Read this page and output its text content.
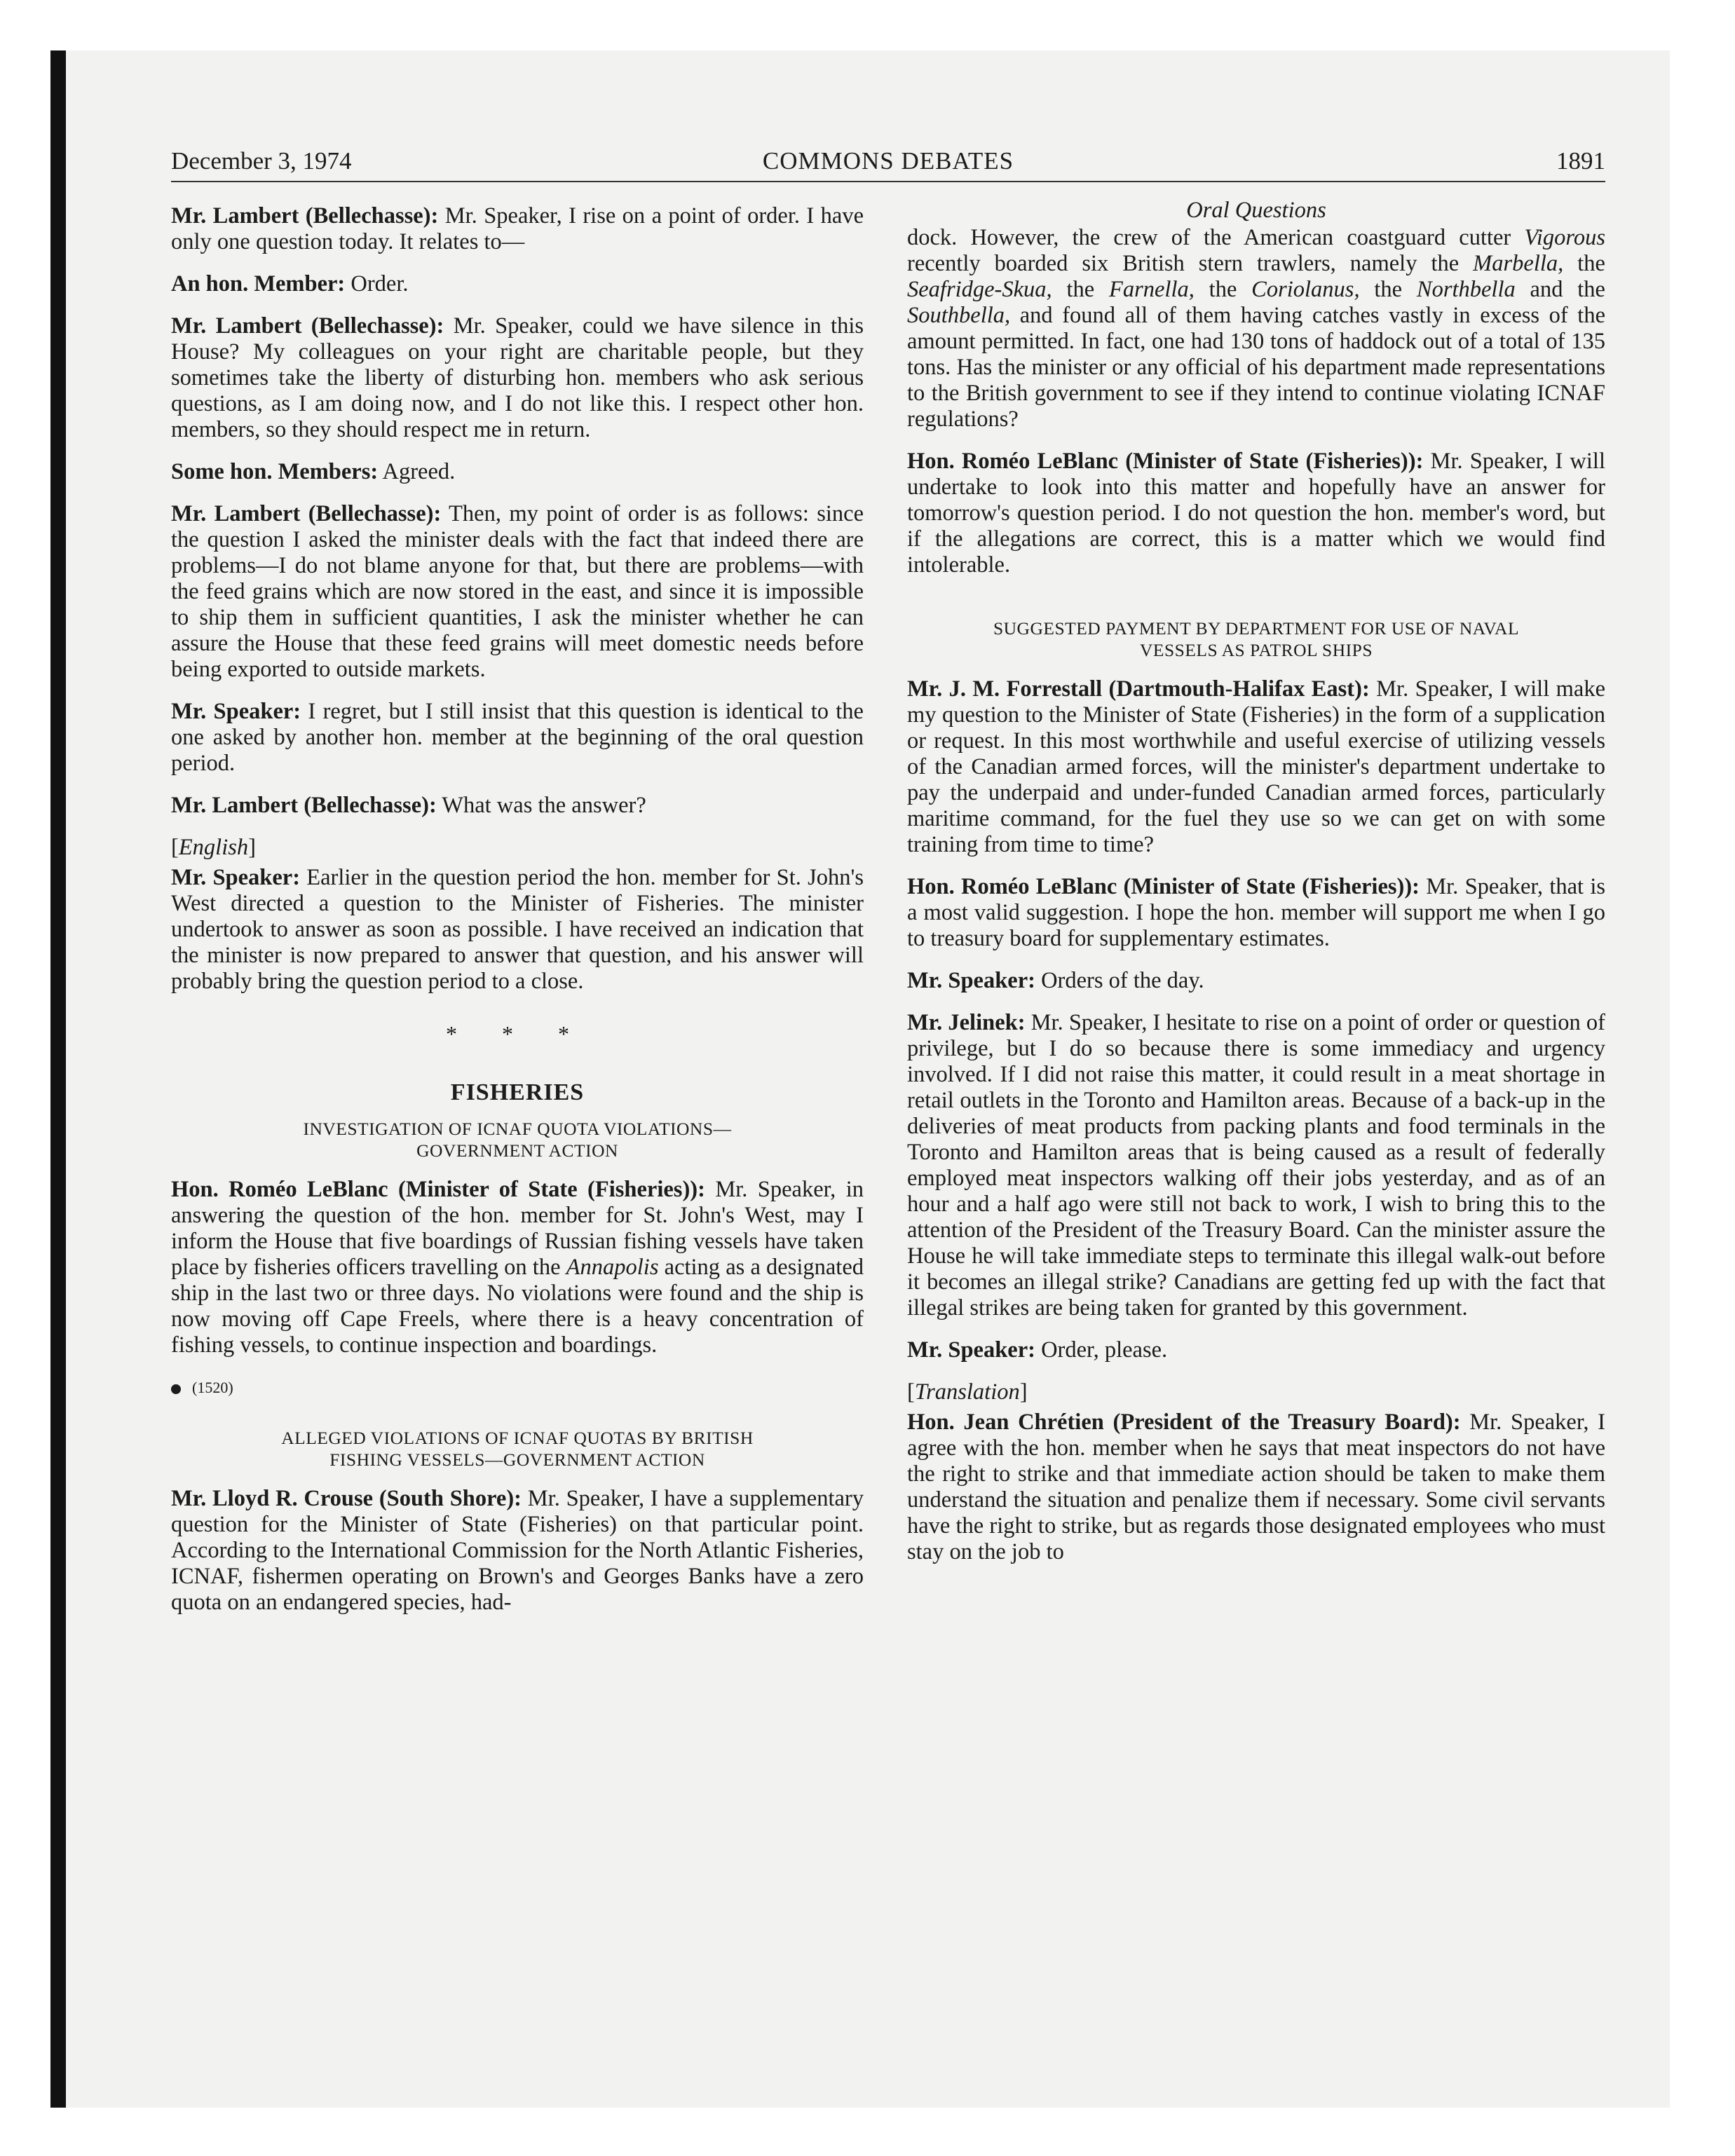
December 3, 1974	COMMONS DEBATES	1891

Mr. Lambert (Bellechasse): Mr. Speaker, I rise on a point of order. I have only one question today. It relates to—

An hon. Member: Order.

Mr. Lambert (Bellechasse): Mr. Speaker, could we have silence in this House? My colleagues on your right are charitable people, but they sometimes take the liberty of disturbing hon. members who ask serious questions, as I am doing now, and I do not like this. I respect other hon. members, so they should respect me in return.

Some hon. Members: Agreed.

Mr. Lambert (Bellechasse): Then, my point of order is as follows: since the question I asked the minister deals with the fact that indeed there are problems—I do not blame anyone for that, but there are problems—with the feed grains which are now stored in the east, and since it is impossible to ship them in sufficient quantities, I ask the minister whether he can assure the House that these feed grains will meet domestic needs before being exported to outside markets.

Mr. Speaker: I regret, but I still insist that this question is identical to the one asked by another hon. member at the beginning of the oral question period.

Mr. Lambert (Bellechasse): What was the answer?

[English]

Mr. Speaker: Earlier in the question period the hon. member for St. John's West directed a question to the Minister of Fisheries. The minister undertook to answer as soon as possible. I have received an indication that the minister is now prepared to answer that question, and his answer will probably bring the question period to a close.

* * *
FISHERIES
INVESTIGATION OF ICNAF QUOTA VIOLATIONS—
GOVERNMENT ACTION

Hon. Roméo LeBlanc (Minister of State (Fisheries)): Mr. Speaker, in answering the question of the hon. member for St. John's West, may I inform the House that five boardings of Russian fishing vessels have taken place by fisheries officers travelling on the Annapolis acting as a designated ship in the last two or three days. No violations were found and the ship is now moving off Cape Freels, where there is a heavy concentration of fishing vessels, to continue inspection and boardings.

(1520)
ALLEGED VIOLATIONS OF ICNAF QUOTAS BY BRITISH
FISHING VESSELS—GOVERNMENT ACTION

Mr. Lloyd R. Crouse (South Shore): Mr. Speaker, I have a supplementary question for the Minister of State (Fisheries) on that particular point. According to the International Commission for the North Atlantic Fisheries, ICNAF, fishermen operating on Brown's and Georges Banks have a zero quota on an endangered species, had-

Oral Questions

dock. However, the crew of the American coastguard cutter Vigorous recently boarded six British stern trawlers, namely the Marbella, the Seafridge-Skua, the Farnella, the Coriolanus, the Northbella and the Southbella, and found all of them having catches vastly in excess of the amount permitted. In fact, one had 130 tons of haddock out of a total of 135 tons. Has the minister or any official of his department made representations to the British government to see if they intend to continue violating ICNAF regulations?

Hon. Roméo LeBlanc (Minister of State (Fisheries)): Mr. Speaker, I will undertake to look into this matter and hopefully have an answer for tomorrow's question period. I do not question the hon. member's word, but if the allegations are correct, this is a matter which we would find intolerable.

SUGGESTED PAYMENT BY DEPARTMENT FOR USE OF NAVAL
VESSELS AS PATROL SHIPS

Mr. J. M. Forrestall (Dartmouth-Halifax East): Mr. Speaker, I will make my question to the Minister of State (Fisheries) in the form of a supplication or request. In this most worthwhile and useful exercise of utilizing vessels of the Canadian armed forces, will the minister's department undertake to pay the underpaid and under-funded Canadian armed forces, particularly maritime command, for the fuel they use so we can get on with some training from time to time?

Hon. Roméo LeBlanc (Minister of State (Fisheries)): Mr. Speaker, that is a most valid suggestion. I hope the hon. member will support me when I go to treasury board for supplementary estimates.

Mr. Speaker: Orders of the day.

Mr. Jelinek: Mr. Speaker, I hesitate to rise on a point of order or question of privilege, but I do so because there is some immediacy and urgency involved. If I did not raise this matter, it could result in a meat shortage in retail outlets in the Toronto and Hamilton areas. Because of a back-up in the deliveries of meat products from packing plants and food terminals in the Toronto and Hamilton areas that is being caused as a result of federally employed meat inspectors walking off their jobs yesterday, and as of an hour and a half ago were still not back to work, I wish to bring this to the attention of the President of the Treasury Board. Can the minister assure the House he will take immediate steps to terminate this illegal walk-out before it becomes an illegal strike? Canadians are getting fed up with the fact that illegal strikes are being taken for granted by this government.

Mr. Speaker: Order, please.

[Translation]

Hon. Jean Chrétien (President of the Treasury Board): Mr. Speaker, I agree with the hon. member when he says that meat inspectors do not have the right to strike and that immediate action should be taken to make them understand the situation and penalize them if necessary. Some civil servants have the right to strike, but as regards those designated employees who must stay on the job to
